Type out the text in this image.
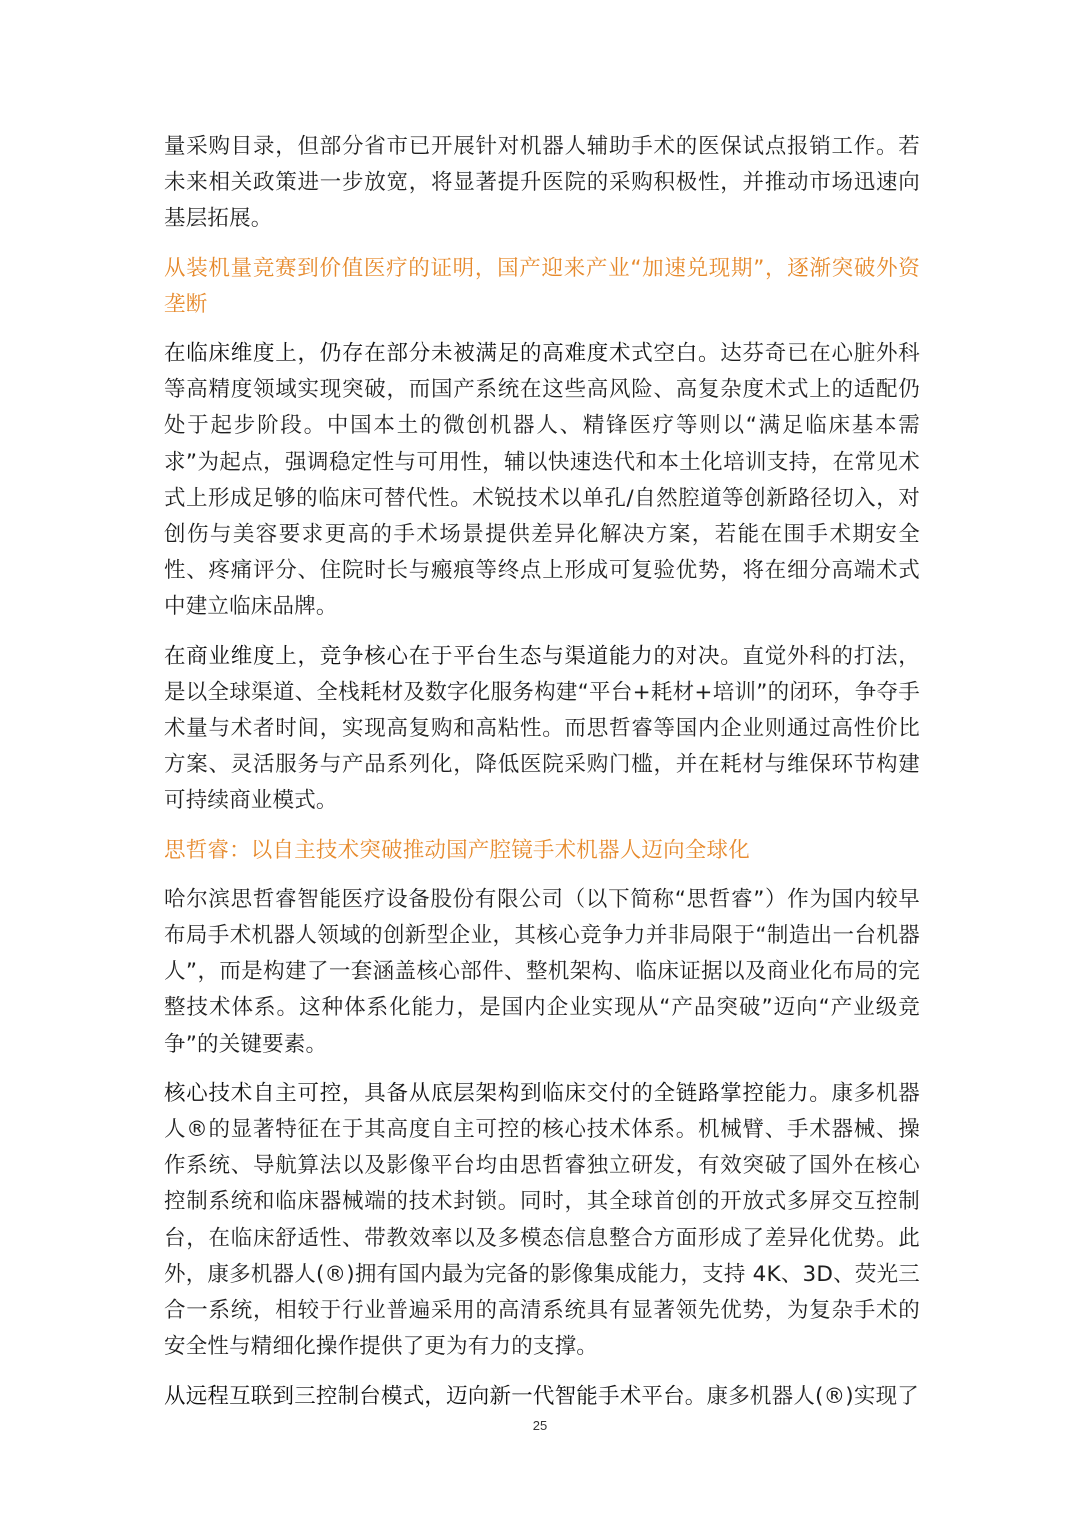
量采购目录，但部分省市已开展针对机器人辅助手术的医保试点报销工作。若未来相关政策进一步放宽，将显著提升医院的采购积极性，并推动市场迅速向基层拓展。

从装机量竞赛到价值医疗的证明，国产迎来产业“加速兑现期”，逐渐突破外资垄断

在临床维度上，仍存在部分未被满足的高难度术式空白。达芬奇已在心脏外科等高精度领域实现突破，而国产系统在这些高风险、高复杂度术式上的适配仍处于起步阶段。中国本土的微创机器人、精锋医疗等则以“满足临床基本需求”为起点，强调稳定性与可用性，辅以快速迭代和本土化培训支持，在常见术式上形成足够的临床可替代性。术锐技术以单孔/自然腔道等创新路径切入，对创伤与美容要求更高的手术场景提供差异化解决方案，若能在围手术期安全性、疼痛评分、住院时长与瘢痕等终点上形成可复验优势，将在细分高端术式中建立临床品牌。

在商业维度上，竞争核心在于平台生态与渠道能力的对决。直觉外科的打法，是以全球渠道、全栈耗材及数字化服务构建“平台+耗材+培训”的闭环，争夺手术量与术者时间，实现高复购和高粘性。而思哲睿等国内企业则通过高性价比方案、灵活服务与产品系列化，降低医院采购门槛，并在耗材与维保环节构建可持续商业模式。

思哲睿：以自主技术突破推动国产腔镜手术机器人迈向全球化

哈尔滨思哲睿智能医疗设备股份有限公司（以下简称“思哲睿”）作为国内较早布局手术机器人领域的创新型企业，其核心竞争力并非局限于“制造出一台机器人”，而是构建了一套涵盖核心部件、整机架构、临床证据以及商业化布局的完整技术体系。这种体系化能力，是国内企业实现从“产品突破”迈向“产业级竞争”的关键要素。

核心技术自主可控，具备从底层架构到临床交付的全链路掌控能力。康多机器人®的显著特征在于其高度自主可控的核心技术体系。机械臂、手术器械、操作系统、导航算法以及影像平台均由思哲睿独立研发，有效突破了国外在核心控制系统和临床器械端的技术封锁。同时，其全球首创的开放式多屏交互控制台，在临床舒适性、带教效率以及多模态信息整合方面形成了差异化优势。此外，康多机器人(®)拥有国内最为完备的影像集成能力，支持 4K、3D、荧光三合一系统，相较于行业普遍采用的高清系统具有显著领先优势，为复杂手术的安全性与精细化操作提供了更为有力的支撑。

从远程互联到三控制台模式，迈向新一代智能手术平台。康多机器人(®)实现了

25
